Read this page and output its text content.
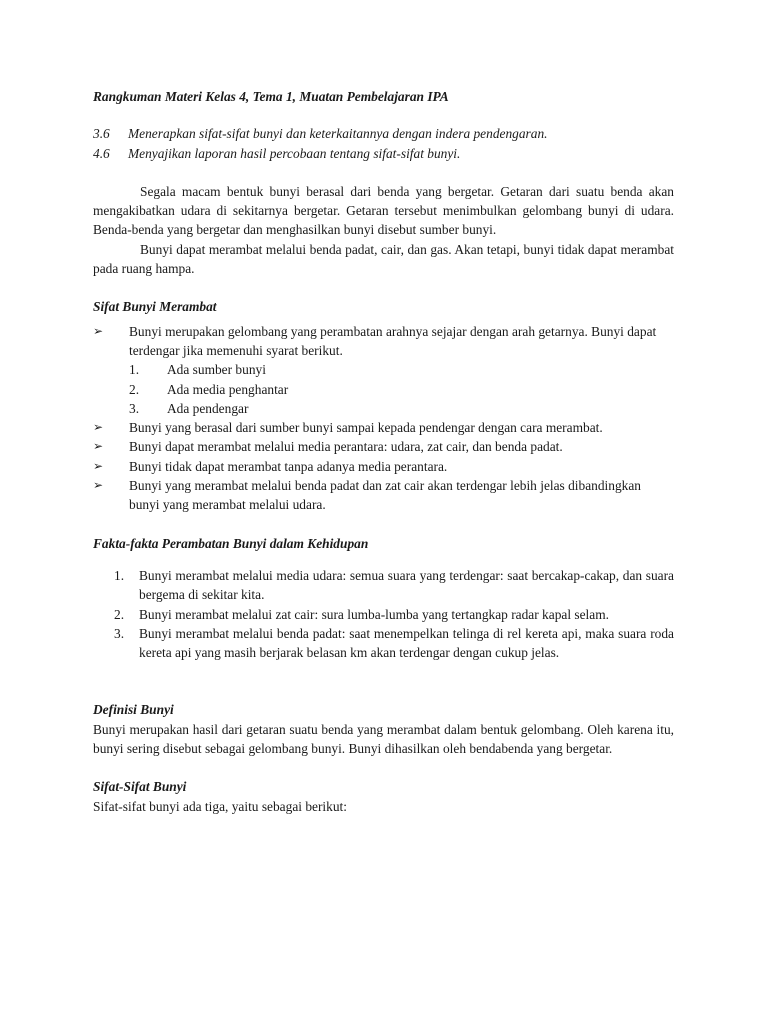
Rangkuman Materi Kelas 4, Tema 1, Muatan Pembelajaran IPA

3.6	Menerapkan sifat-sifat bunyi dan keterkaitannya dengan indera pendengaran.

4.6	Menyajikan laporan hasil percobaan tentang sifat-sifat bunyi.

Segala macam bentuk bunyi berasal dari benda yang bergetar. Getaran dari suatu benda akan mengakibatkan udara di sekitarnya bergetar. Getaran tersebut menimbulkan gelombang bunyi di udara. Benda-benda yang bergetar dan menghasilkan bunyi disebut sumber bunyi.

Bunyi dapat merambat melalui benda padat, cair, dan gas. Akan tetapi, bunyi tidak dapat merambat pada ruang hampa.

Sifat Bunyi Merambat

➢	Bunyi merupakan gelombang yang perambatan arahnya sejajar dengan arah getarnya. Bunyi dapat terdengar jika memenuhi syarat berikut.
1.	Ada sumber bunyi
2.	Ada media penghantar
3.	Ada pendengar
➢	Bunyi yang berasal dari sumber bunyi sampai kepada pendengar dengan cara merambat.
➢	Bunyi dapat merambat melalui media perantara: udara, zat cair, dan benda padat.
➢	Bunyi tidak dapat merambat tanpa adanya media perantara.
➢	Bunyi yang merambat melalui benda padat dan zat cair akan terdengar lebih jelas dibandingkan bunyi yang merambat melalui udara.

Fakta-fakta Perambatan Bunyi dalam Kehidupan

1.	Bunyi merambat melalui media udara: semua suara yang terdengar: saat bercakap-cakap, dan suara bergema di sekitar kita.
2.	Bunyi merambat melalui zat cair: sura lumba-lumba yang tertangkap radar kapal selam.
3.	Bunyi merambat melalui benda padat: saat menempelkan telinga di rel kereta api, maka suara roda kereta api yang masih berjarak belasan km akan terdengar dengan cukup jelas.

Definisi Bunyi

Bunyi merupakan hasil dari getaran suatu benda yang merambat dalam bentuk gelombang. Oleh karena itu, bunyi sering disebut sebagai gelombang bunyi. Bunyi dihasilkan oleh bendabenda yang bergetar.

Sifat-Sifat Bunyi

Sifat-sifat bunyi ada tiga, yaitu sebagai berikut:
